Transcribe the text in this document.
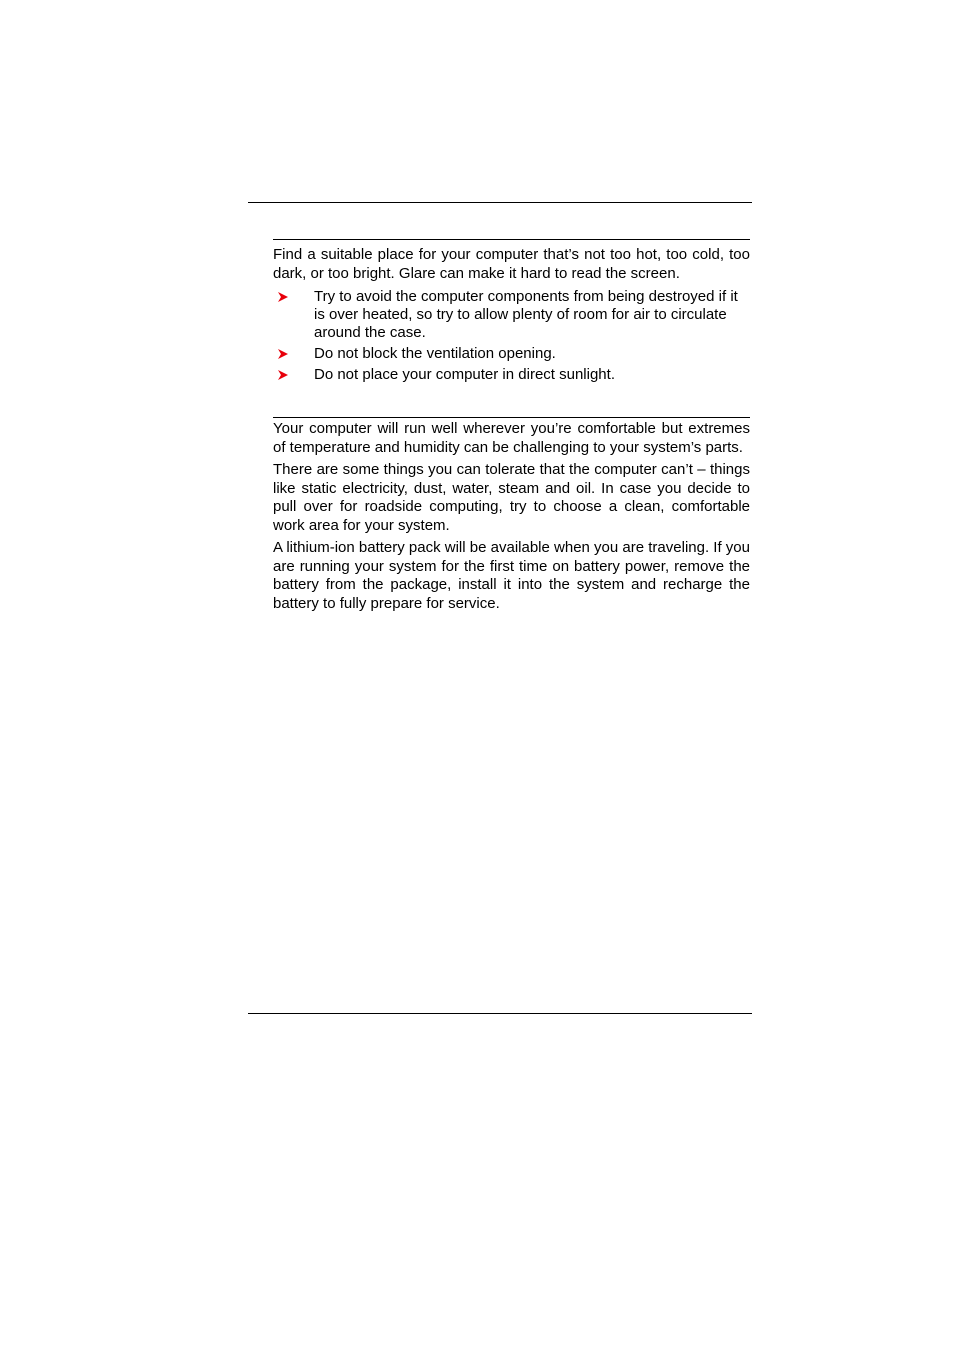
Find a suitable place for your computer that’s not too hot, too cold, too dark, or too bright. Glare can make it hard to read the screen.

Try to avoid the computer components from being destroyed if it is over heated, so try to allow plenty of room for air to circulate around the case.
Do not block the ventilation opening.
Do not place your computer in direct sunlight.

Your computer will run well wherever you’re comfortable but extremes of temperature and humidity can be challenging to your system’s parts.

There are some things you can tolerate that the computer can’t – things like static electricity, dust, water, steam and oil. In case you decide to pull over for roadside computing, try to choose a clean, comfortable work area for your system.

A lithium-ion battery pack will be available when you are traveling. If you are running your system for the first time on battery power, remove the battery from the package, install it into the system and recharge the battery to fully prepare for service.
